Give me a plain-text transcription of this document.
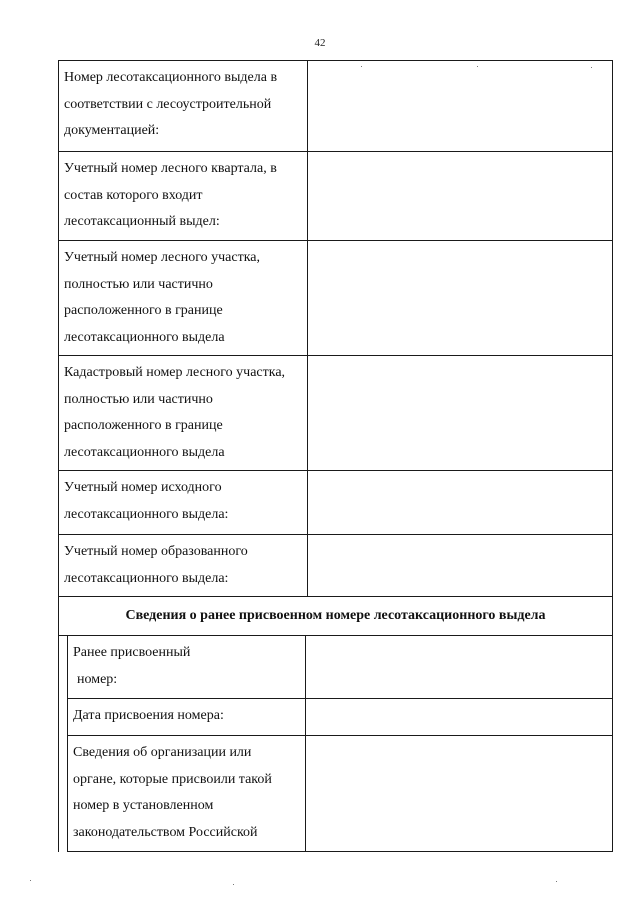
42
Номер лесотаксационного выдела в
соответствии с лесоустроительной
документацией:
Учетный номер лесного квартала, в
состав которого входит
лесотаксационный выдел:
Учетный номер лесного участка,
полностью или частично
расположенного в границе
лесотаксационного выдела
Кадастровый номер лесного участка,
полностью или частично
расположенного в границе
лесотаксационного выдела
Учетный номер исходного
лесотаксационного выдела:
Учетный номер образованного
лесотаксационного выдела:
Сведения о ранее присвоенном номере лесотаксационного выдела
Ранее присвоенный
номер:
Дата присвоения номера:
Сведения об организации или
органе, которые присвоили такой
номер в установленном
законодательством Российской
